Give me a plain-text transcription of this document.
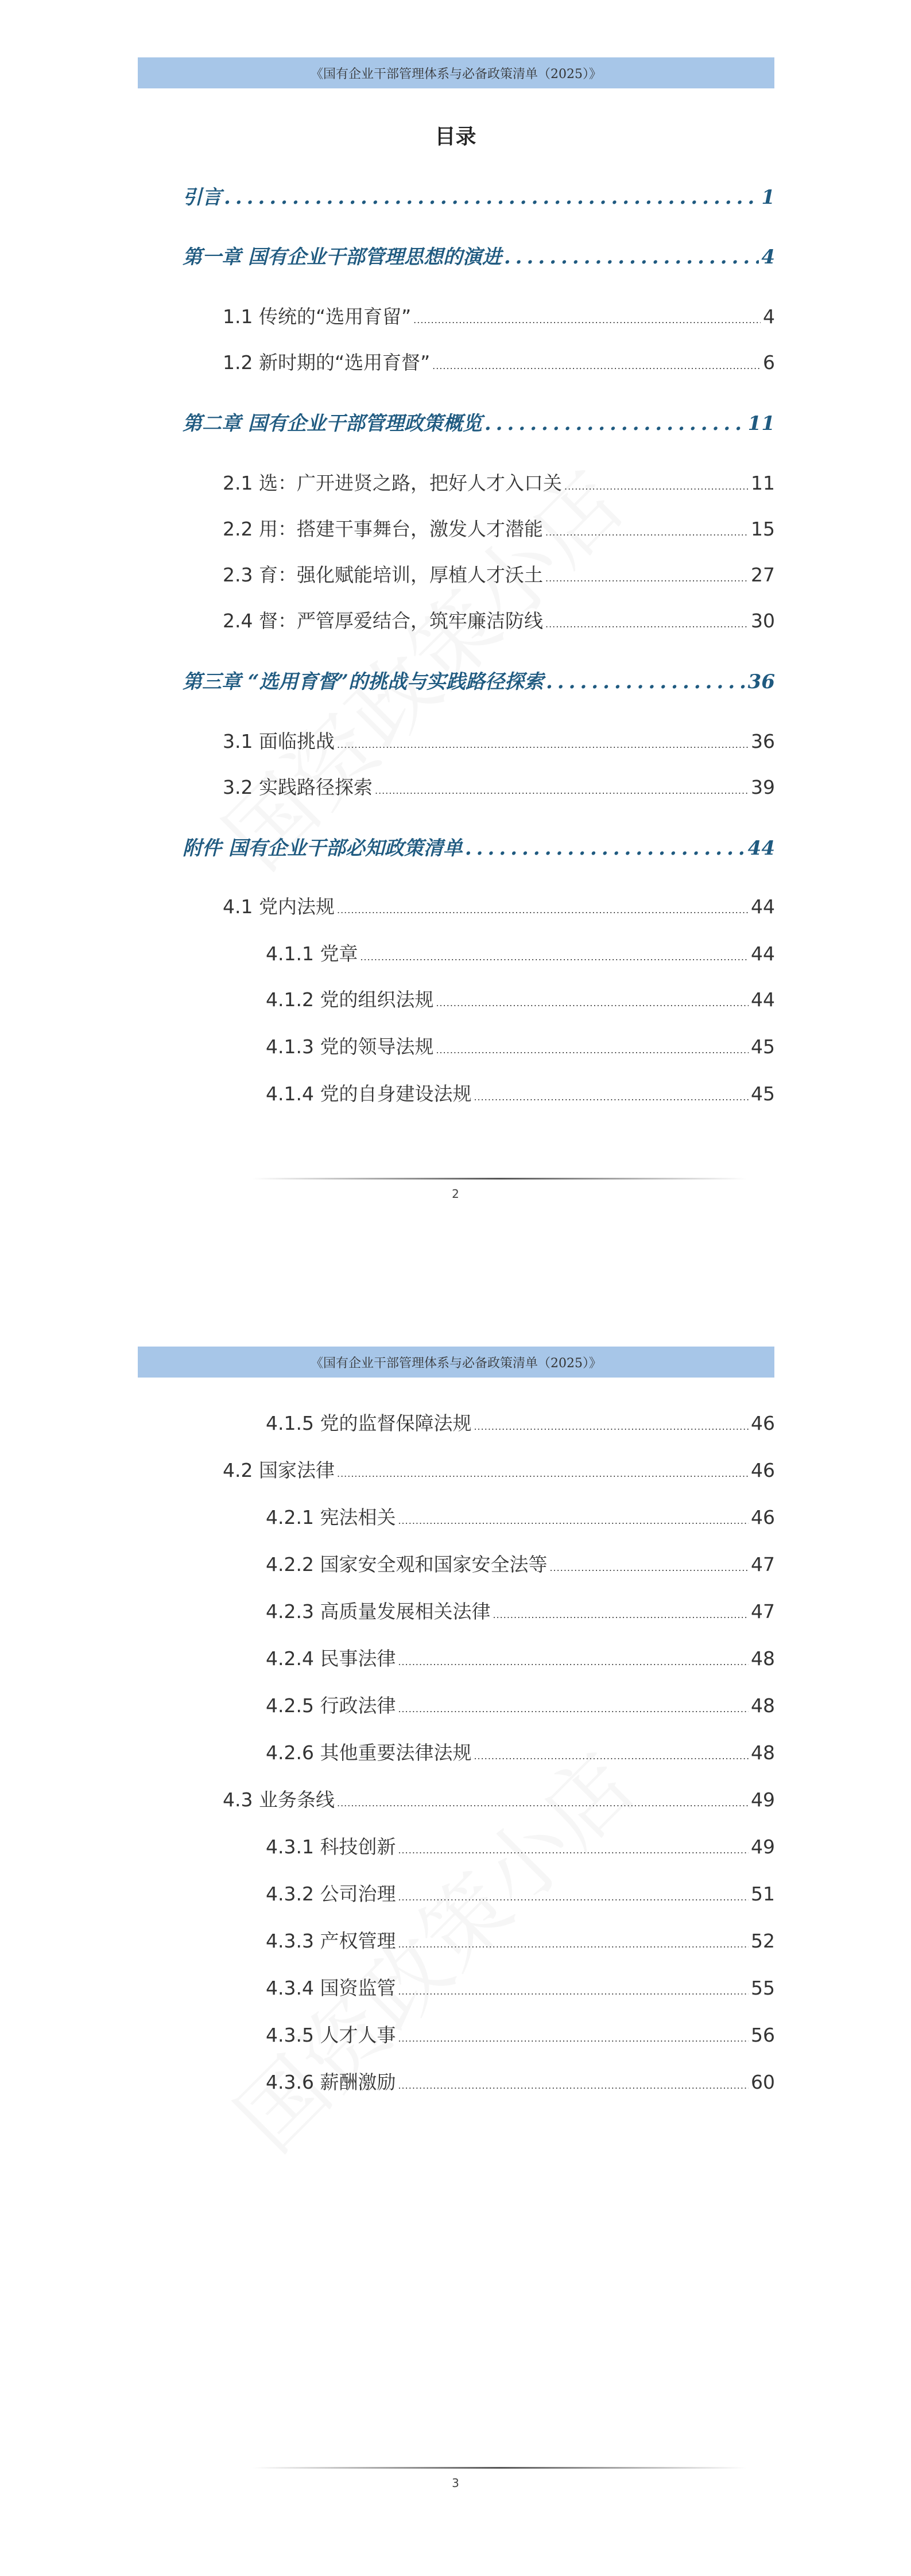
《国有企业干部管理体系与必备政策清单（2025）》
目录
引言 .....	1
第一章 国有企业干部管理思想的演进 .....	4
1.1 传统的“选用育留” .....	4
1.2 新时期的“选用育督” .....	6
第二章 国有企业干部管理政策概览 .....	11
2.1 选：广开进贤之路，把好人才入口关 .....	11
2.2 用：搭建干事舞台，激发人才潜能 .....	15
2.3 育：强化赋能培训，厚植人才沃土 .....	27
2.4 督：严管厚爱结合，筑牢廉洁防线 .....	30
第三章 “选用育督”的挑战与实践路径探索 .....	36
3.1 面临挑战 .....	36
3.2 实践路径探索 .....	39
附件 国有企业干部必知政策清单 .....	44
4.1 党内法规 .....	44
4.1.1 党章 .....	44
4.1.2 党的组织法规 .....	44
4.1.3 党的领导法规 .....	45
4.1.4 党的自身建设法规 .....	45
2
《国有企业干部管理体系与必备政策清单（2025）》
4.1.5 党的监督保障法规 .....	46
4.2 国家法律 .....	46
4.2.1 宪法相关 .....	46
4.2.2 国家安全观和国家安全法等 .....	47
4.2.3 高质量发展相关法律 .....	47
4.2.4 民事法律 .....	48
4.2.5 行政法律 .....	48
4.2.6 其他重要法律法规 .....	48
4.3 业务条线 .....	49
4.3.1 科技创新 .....	49
4.3.2 公司治理 .....	51
4.3.3 产权管理 .....	52
4.3.4 国资监管 .....	55
4.3.5 人才人事 .....	56
4.3.6 薪酬激励 .....	60
3
